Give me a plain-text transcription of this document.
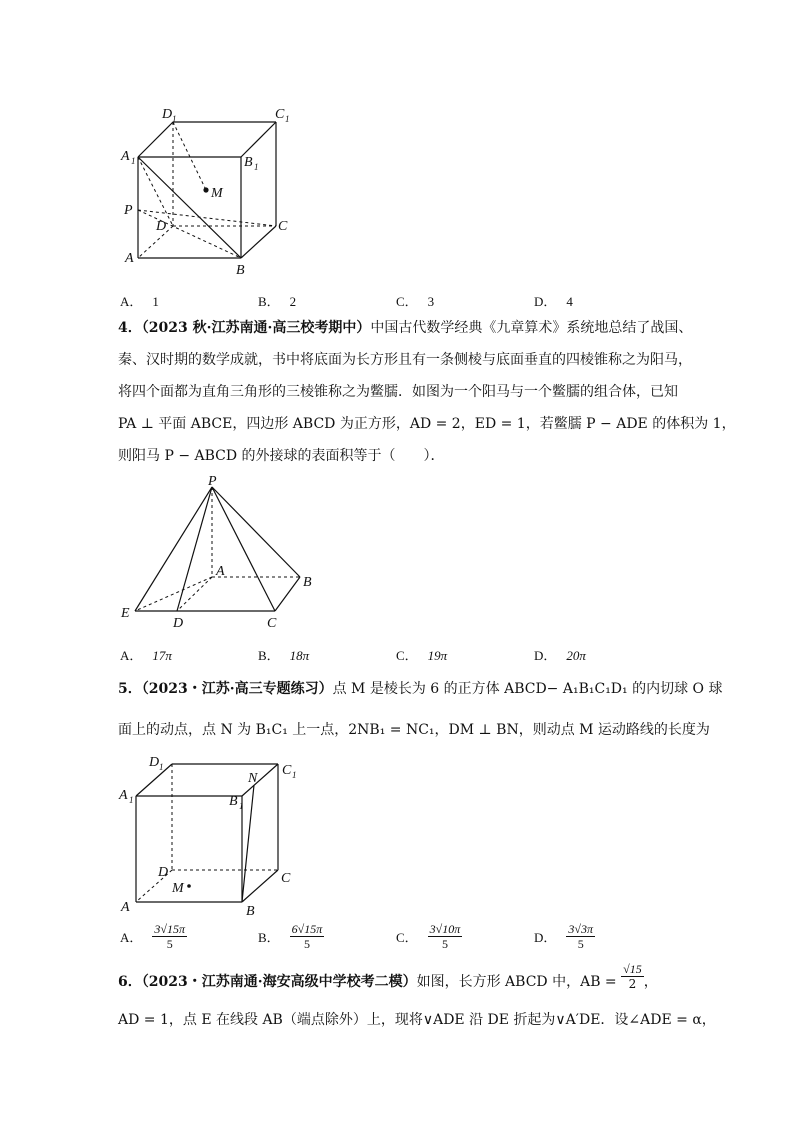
D 1	C 1
A 1	B 1
M
P
D	C
A
B
A． 1	B． 2	C． 3	D． 4
4．（2023 秋·江苏南通·高三校考期中）中国古代数学经典《九章算术》系统地总结了战国、
秦、汉时期的数学成就，书中将底面为长方形且有一条侧棱与底面垂直的四棱锥称之为阳马，
将四个面都为直角三角形的三棱锥称之为鳖臑．如图为一个阳马与一个鳖臑的组合体，已知
PA ⊥ 平面 ABCE，四边形 ABCD 为正方形，AD = 2，ED = 1，若鳖臑 P − ADE 的体积为 1，
则阳马 P − ABCD 的外接球的表面积等于（　　）．
P
A
B
E
D	C
A． 17π	B． 18π	C． 19π	D． 20π
5．（2023・江苏·高三专题练习）点 M 是棱长为 6 的正方体 ABCD− A₁B₁C₁D₁ 的内切球 O 球
面上的动点，点 N 为 B₁C₁ 上一点，2NB₁ = NC₁，DM ⊥ BN，则动点 M 运动路线的长度为
D 1	C 1
A 1
N
B 1
D	C
M
A	B
A． $\frac{3√15\pi}{5}$	B． $\frac{6√15\pi}{5}$	C． $\frac{3√10\pi}{5}$	D． $\frac{3√3\pi}{5}$
6．（2023・江苏南通·海安高级中学校考二模）如图，长方形 ABCD 中，AB = $\frac{√15}{2}$ ，
AD = 1，点 E 在线段 AB（端点除外）上，现将∨ADE 沿 DE 折起为∨A′DE．设∠ADE = α，
